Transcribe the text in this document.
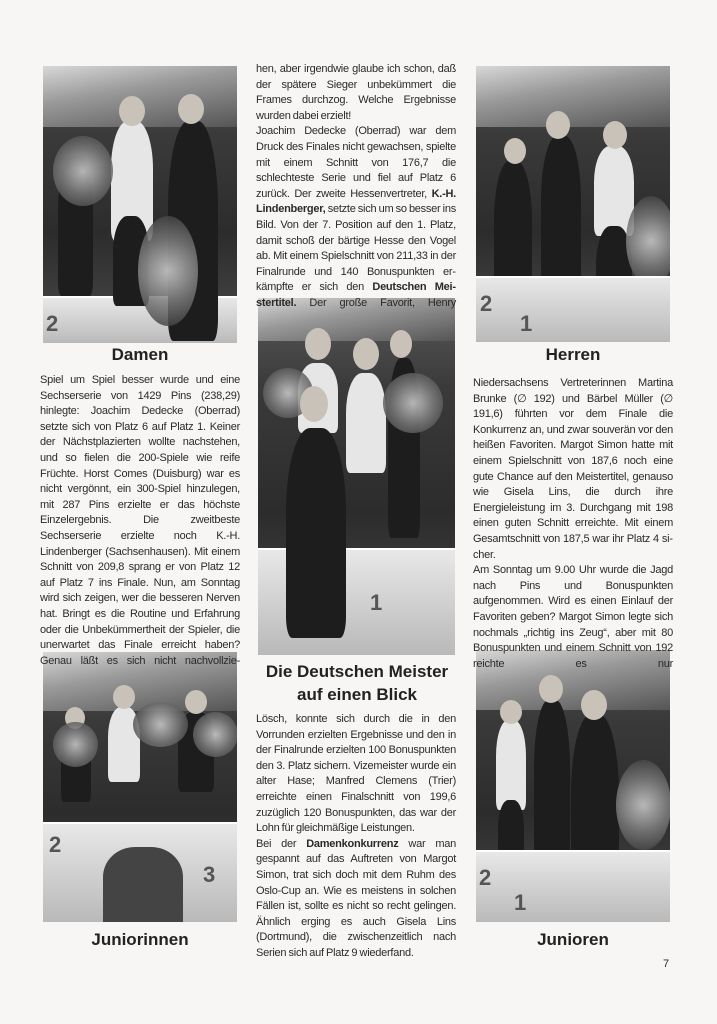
2
Damen

Spiel um Spiel besser wurde und eine Sechserserie von 1429 Pins (238,29) hinlegte: Joachim Dedecke (Oberrad) setzte sich von Platz 6 auf Platz 1. Keiner der Nächstplazierten wollte nachstehen, und so fielen die 200-Spiele wie reife Früchte. Horst Comes (Duisburg) war es nicht vergönnt, ein 300-Spiel hinzulegen, mit 287 Pins erzielte er das höchste Einzelergebnis. Die zweitbeste Sechserserie erzielte noch K.-H. Lindenberger (Sachsenhausen). Mit einem Schnitt von 209,8 sprang er von Platz 12 auf Platz 7 ins Finale. Nun, am Sonntag wird sich zeigen, wer die besseren Nerven hat. Bringt es die Routine und Erfahrung oder die Unbekümmertheit der Spieler, die unerwartet das Finale erreicht haben? Genau läßt es sich nicht nachvollzie-

2
3
Juniorinnen

hen, aber irgendwie glaube ich schon, daß der spätere Sieger unbekümmert die Frames durchzog. Welche Ergebnisse wurden dabei erzielt!

Joachim Dedecke (Oberrad) war dem Druck des Finales nicht gewachsen, spielte mit einem Schnitt von 176,7 die schlechteste Serie und fiel auf Platz 6 zurück. Der zweite Hessenvertreter, K.-H. Lindenberger, setzte sich um so besser ins Bild. Von der 7. Position auf den 1. Platz, damit schoß der bärtige Hesse den Vogel ab. Mit einem Spielschnitt von 211,33 in der Finalrunde und 140 Bonuspunkten erkämpfte er sich den Deutschen Meistertitel. Der große Favorit, Henry

1
Die Deutschen Meister
auf einen Blick

Lösch, konnte sich durch die in den Vorrunden erzielten Ergebnisse und den in der Finalrunde erzielten 100 Bonuspunkten den 3. Platz sichern. Vizemeister wurde ein alter Hase; Manfred Clemens (Trier) erreichte einen Finalschnitt von 199,6 zuzüglich 120 Bonuspunkten, das war der Lohn für gleichmäßige Leistungen.

Bei der Damenkonkurrenz war man gespannt auf das Auftreten von Margot Simon, trat sich doch mit dem Ruhm des Oslo-Cup an. Wie es meistens in solchen Fällen ist, sollte es nicht so recht gelingen. Ähnlich erging es auch Gisela Lins (Dortmund), die zwischenzeitlich nach Serien sich auf Platz 9 wiederfand.

2
1
Herren

Niedersachsens Vertreterinnen Martina Brunke (∅ 192) und Bärbel Müller (∅ 191,6) führten vor dem Finale die Konkurrenz an, und zwar souverän vor den heißen Favoriten. Margot Simon hatte mit einem Spielschnitt von 187,6 noch eine gute Chance auf den Meistertitel, genauso wie Gisela Lins, die durch ihre Energieleistung im 3. Durchgang mit 198 einen guten Schnitt erreichte. Mit einem Gesamtschnitt von 187,5 war ihr Platz 4 sicher.

Am Sonntag um 9.00 Uhr wurde die Jagd nach Pins und Bonuspunkten aufgenommen. Wird es einen Einlauf der Favoriten geben? Margot Simon legte sich nochmals „richtig ins Zeug“, aber mit 80 Bonuspunkten und einem Schnitt von 192 reichte es nur

2
1
Junioren
7
